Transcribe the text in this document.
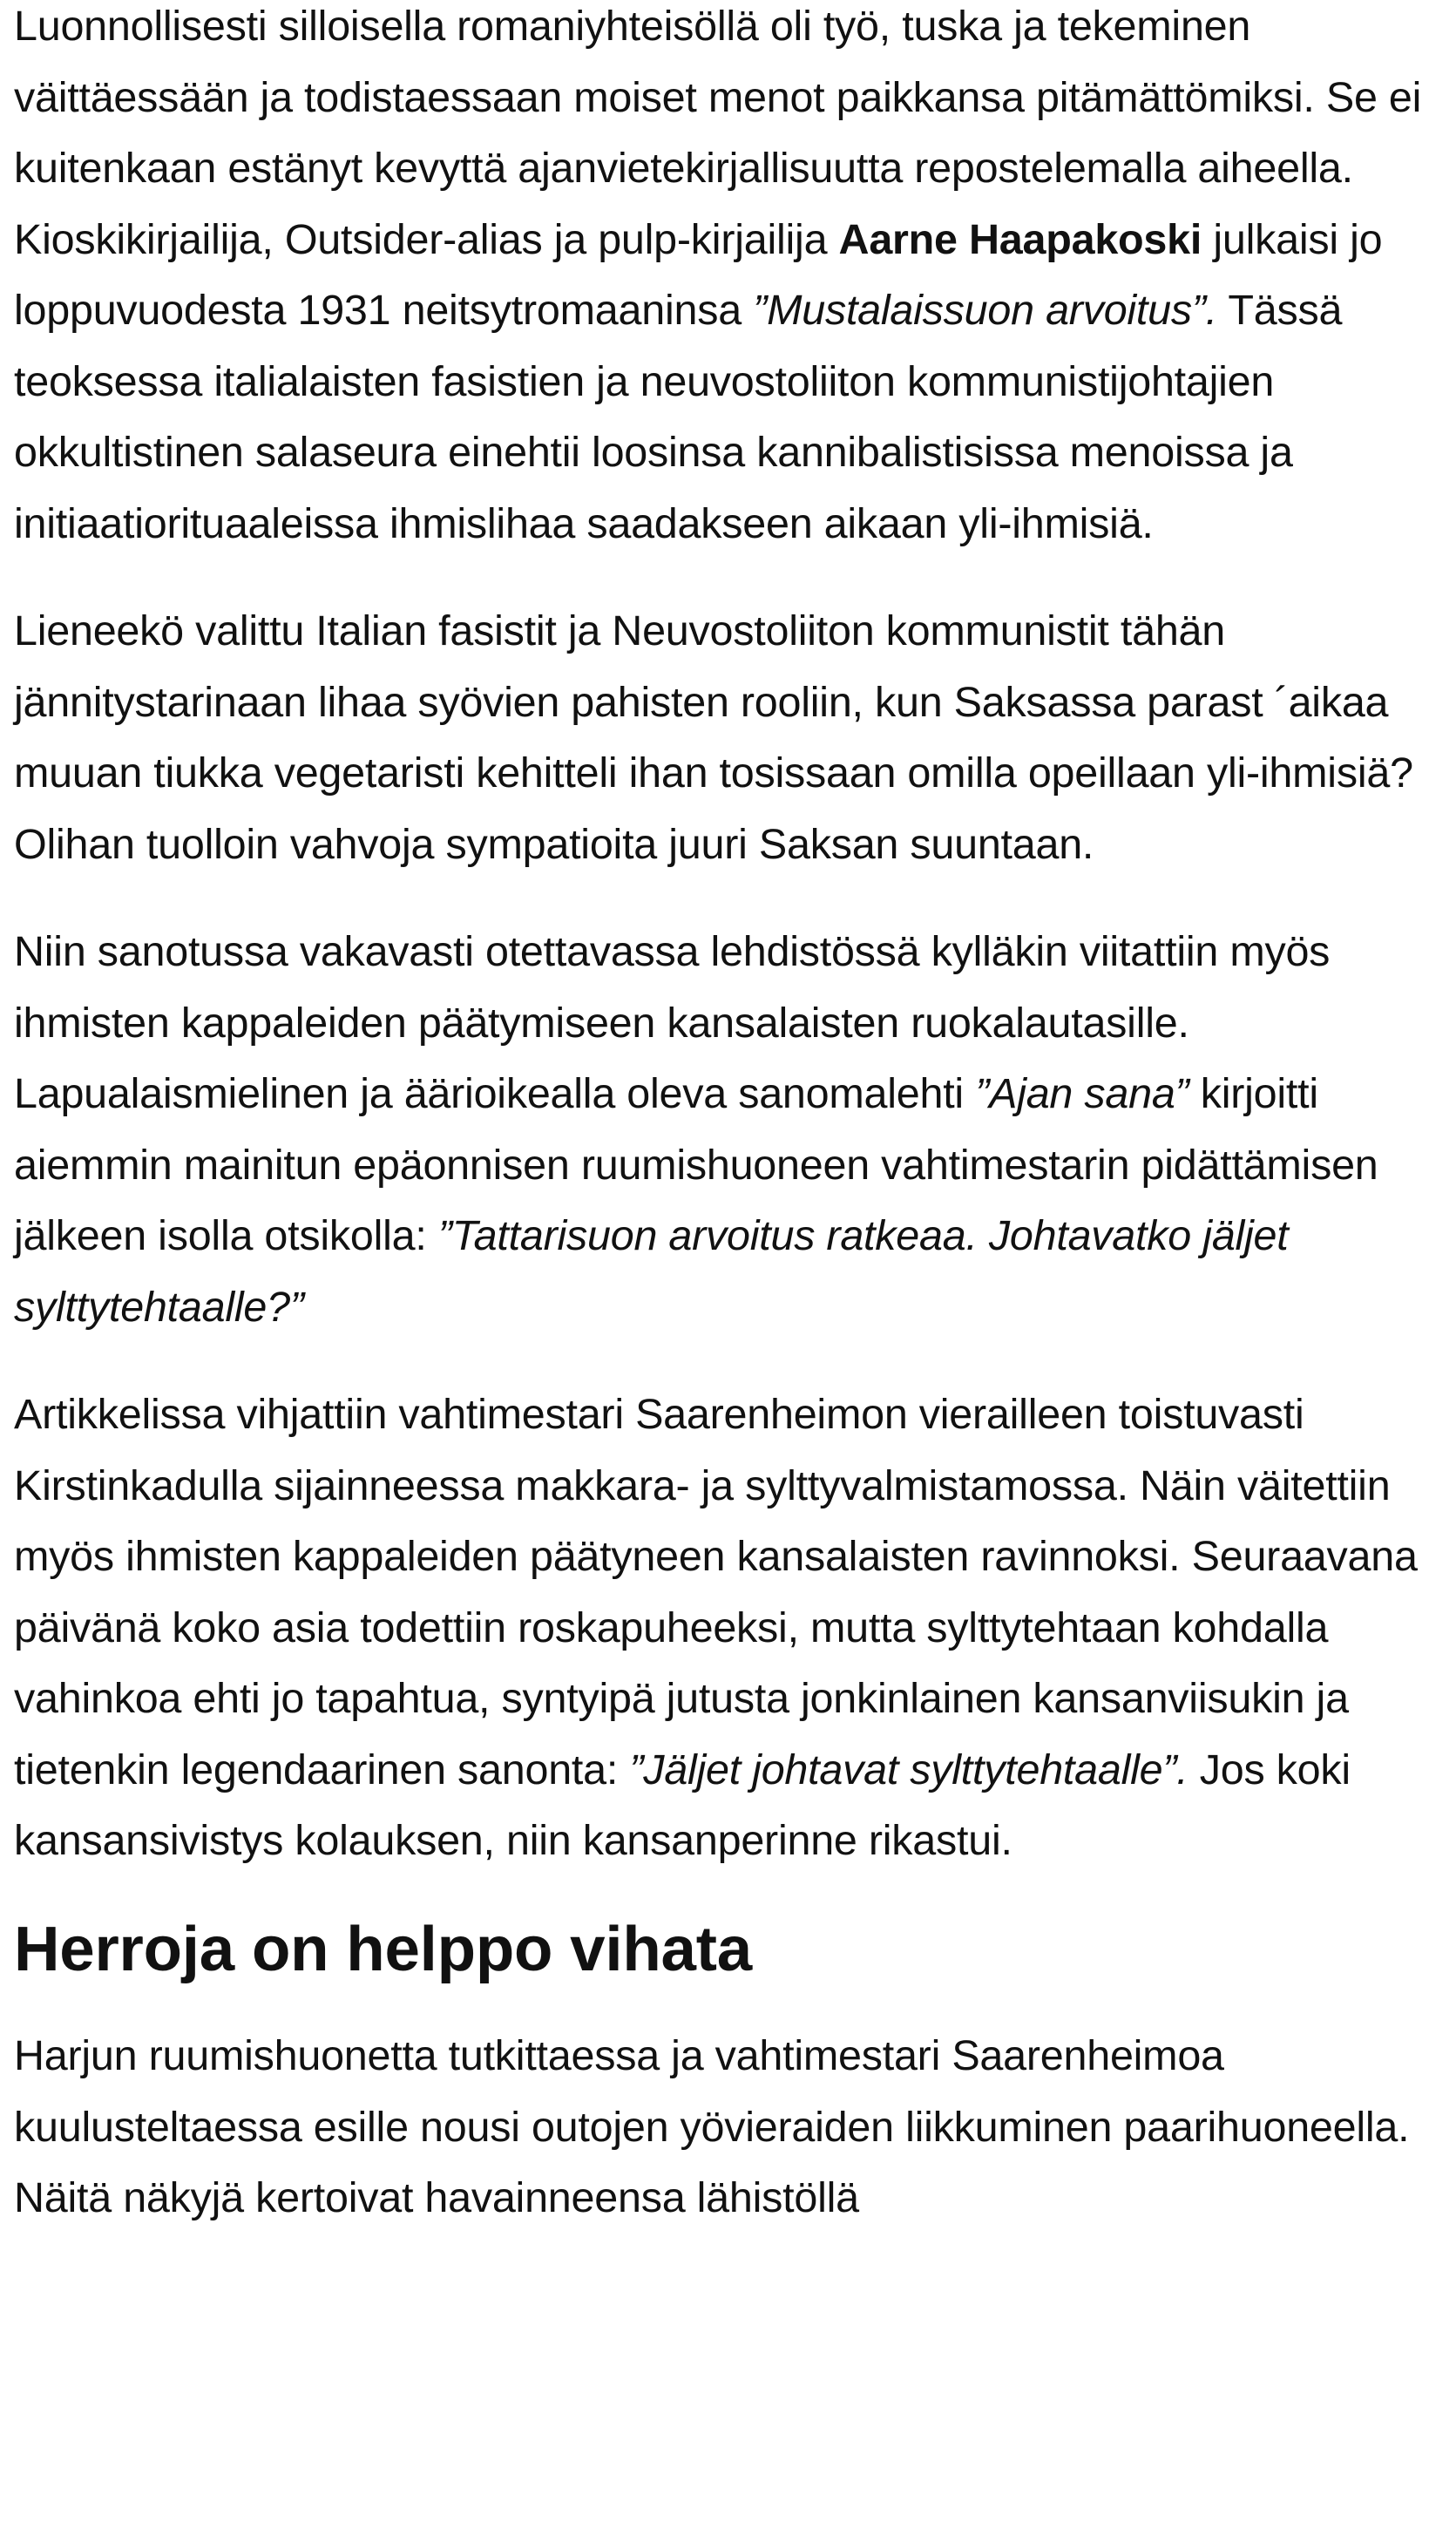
Luonnollisesti silloisella romaniyhteisöllä oli työ, tuska ja tekeminen väittäessään ja todistaessaan moiset menot paikkansa pitämättömiksi. Se ei kuitenkaan estänyt kevyttä ajanvietekirjallisuutta repostelemalla aiheella. Kioskikirjailija, Outsider-alias ja pulp-kirjailija Aarne Haapakoski julkaisi jo loppuvuodesta 1931 neitsytromaaninsa ”Mustalaissuon arvoitus”. Tässä teoksessa italialaisten fasistien ja neuvostoliiton kommunistijohtajien okkultistinen salaseura einehtii loosinsa kannibalistisissa menoissa ja initiaatiorituaaleissa ihmislihaa saadakseen aikaan yli-ihmisiä.

Lieneekö valittu Italian fasistit ja Neuvostoliiton kommunistit tähän jännitystarinaan lihaa syövien pahisten rooliin, kun Saksassa parast ´aikaa muuan tiukka vegetaristi kehitteli ihan tosissaan omilla opeillaan yli-ihmisiä? Olihan tuolloin vahvoja sympatioita juuri Saksan suuntaan.

Niin sanotussa vakavasti otettavassa lehdistössä kylläkin viitattiin myös ihmisten kappaleiden päätymiseen kansalaisten ruokalautasille. Lapualaismielinen ja äärioikealla oleva sanomalehti ”Ajan sana” kirjoitti aiemmin mainitun epäonnisen ruumishuoneen vahtimestarin pidättämisen jälkeen isolla otsikolla: ”Tattarisuon arvoitus ratkeaa. Johtavatko jäljet sylttytehtaalle?”

Artikkelissa vihjattiin vahtimestari Saarenheimon vierailleen toistuvasti Kirstinkadulla sijainneessa makkara- ja sylttyvalmistamossa. Näin väitettiin myös ihmisten kappaleiden päätyneen kansalaisten ravinnoksi. Seuraavana päivänä koko asia todettiin roskapuheeksi, mutta sylttytehtaan kohdalla vahinkoa ehti jo tapahtua, syntyipä jutusta jonkinlainen kansanviisukin ja tietenkin legendaarinen sanonta: ”Jäljet johtavat sylttytehtaalle”. Jos koki kansansivistys kolauksen, niin kansanperinne rikastui.

Herroja on helppo vihata

Harjun ruumishuonetta tutkittaessa ja vahtimestari Saarenheimoa kuulusteltaessa esille nousi outojen yövieraiden liikkuminen paarihuoneella. Näitä näkyjä kertoivat havainneensa lähistöllä
